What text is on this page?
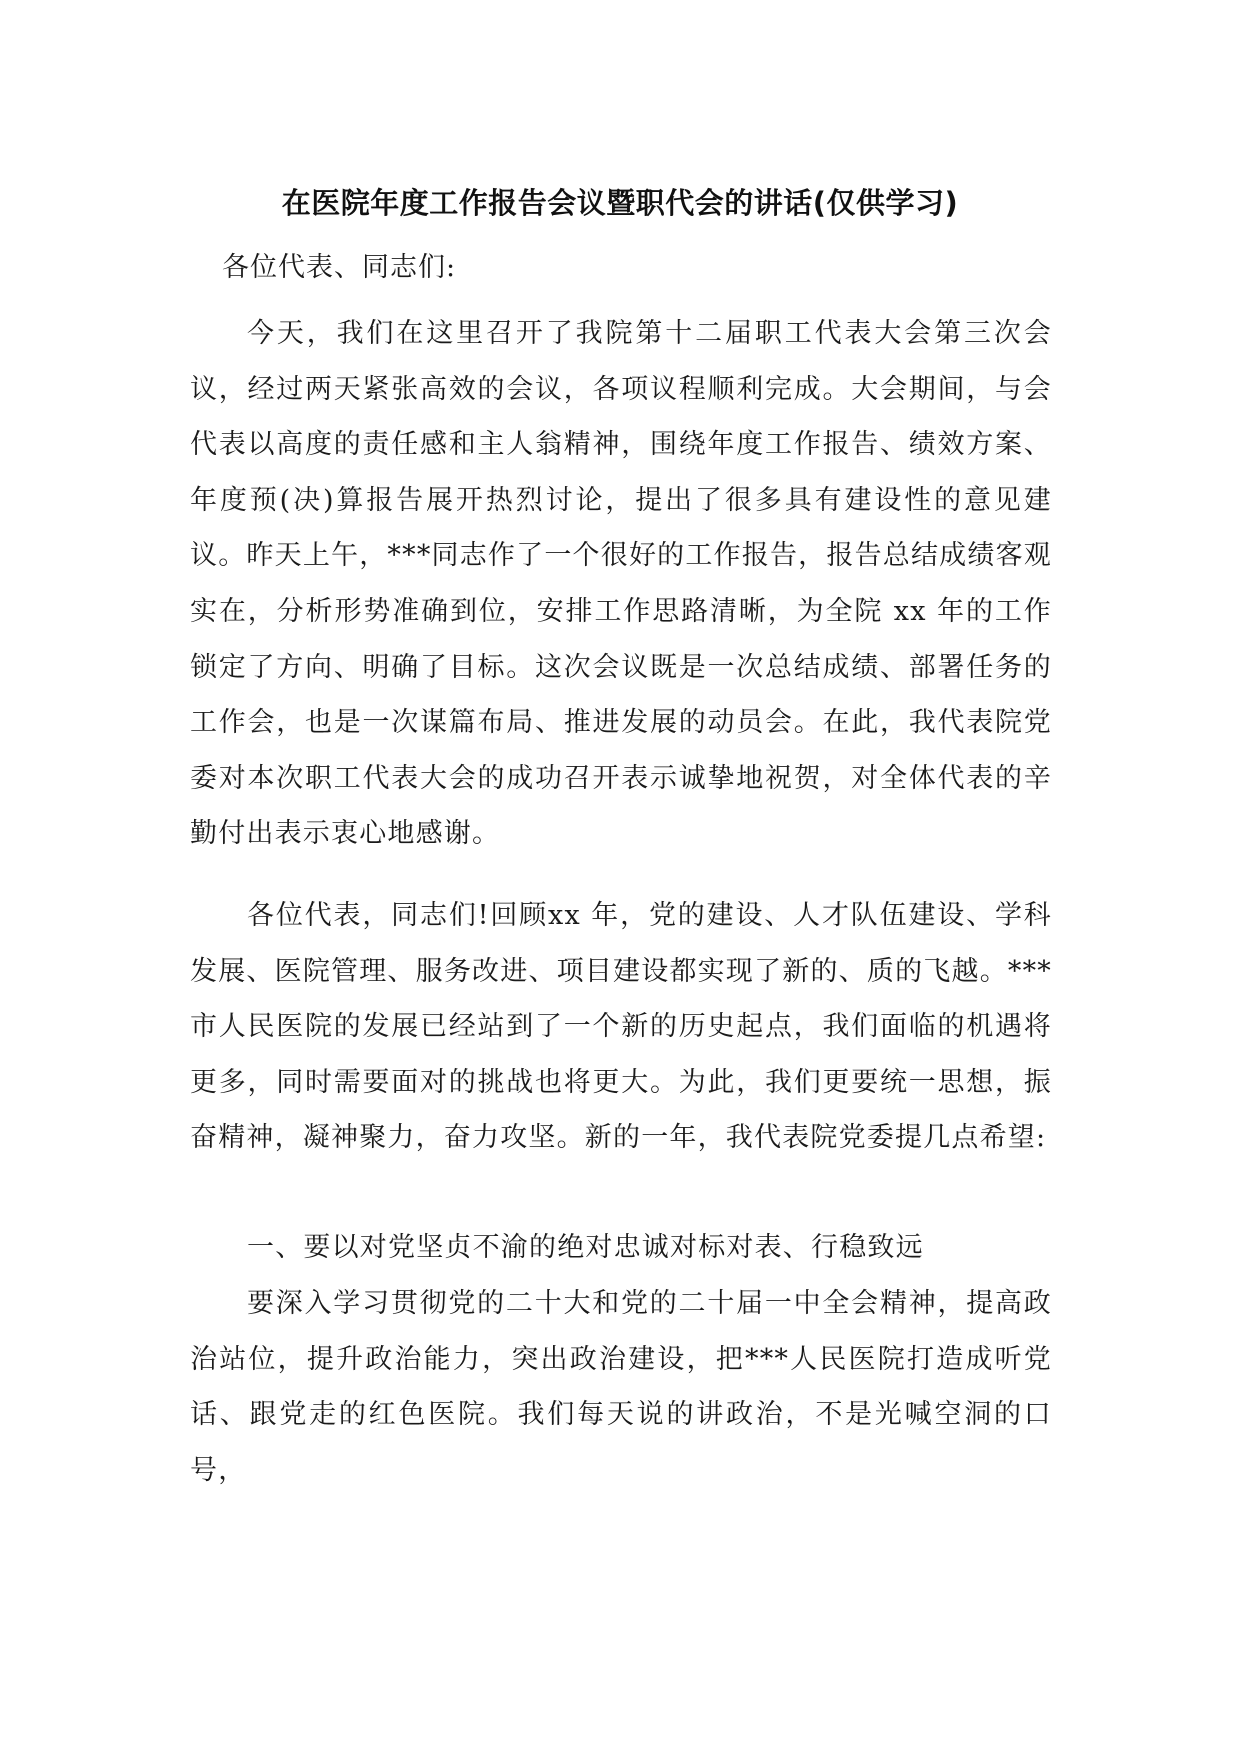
在医院年度工作报告会议暨职代会的讲话(仅供学习)
各位代表、同志们:

今天，我们在这里召开了我院第十二届职工代表大会第三次会议，经过两天紧张高效的会议，各项议程顺利完成。大会期间，与会代表以高度的责任感和主人翁精神，围绕年度工作报告、绩效方案、年度预(决)算报告展开热烈讨论，提出了很多具有建设性的意见建议。昨天上午，***同志作了一个很好的工作报告，报告总结成绩客观实在，分析形势准确到位，安排工作思路清晰，为全院 xx 年的工作锁定了方向、明确了目标。这次会议既是一次总结成绩、部署任务的工作会，也是一次谋篇布局、推进发展的动员会。在此，我代表院党委对本次职工代表大会的成功召开表示诚挚地祝贺，对全体代表的辛勤付出表示衷心地感谢。

各位代表，同志们!回顾xx 年，党的建设、人才队伍建设、学科发展、医院管理、服务改进、项目建设都实现了新的、质的飞越。***市人民医院的发展已经站到了一个新的历史起点，我们面临的机遇将更多，同时需要面对的挑战也将更大。为此，我们更要统一思想，振奋精神，凝神聚力，奋力攻坚。新的一年，我代表院党委提几点希望:

一、要以对党坚贞不渝的绝对忠诚对标对表、行稳致远

要深入学习贯彻党的二十大和党的二十届一中全会精神，提高政治站位，提升政治能力，突出政治建设，把***人民医院打造成听党话、跟党走的红色医院。我们每天说的讲政治，不是光喊空洞的口号，
